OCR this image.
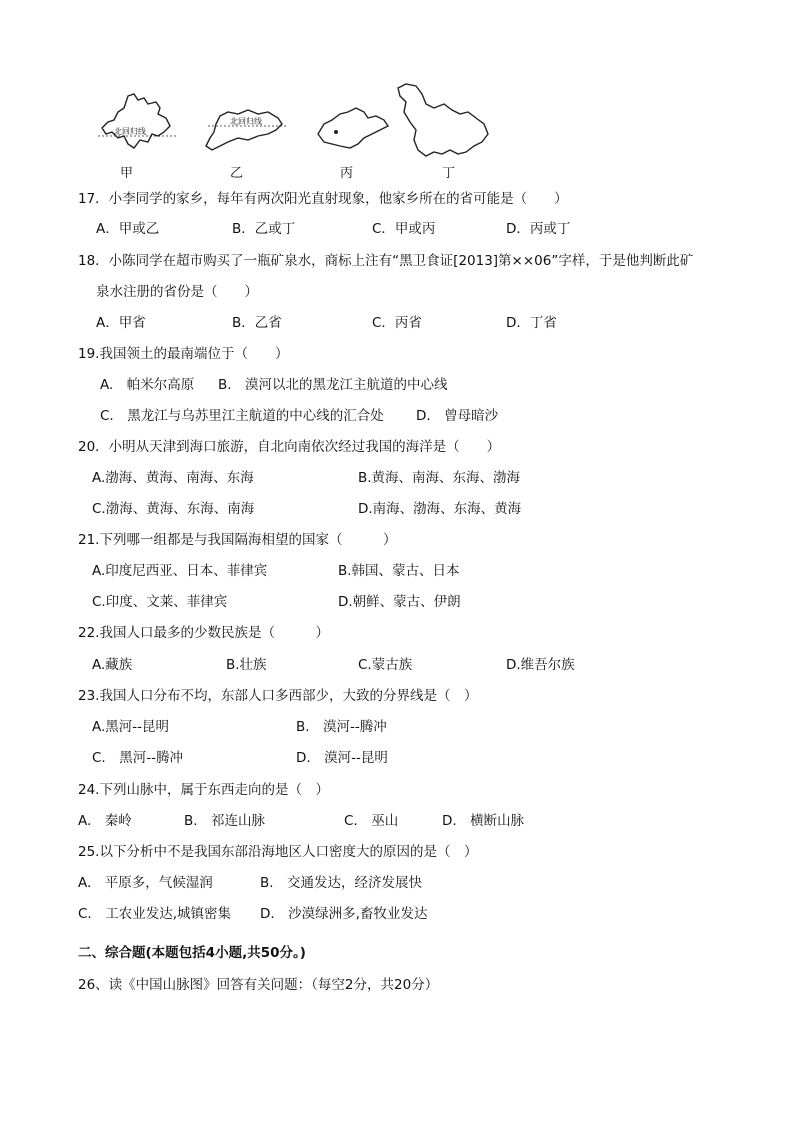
北回归线
甲
北回归线
乙	丙	丁
17．小李同学的家乡，每年有两次阳光直射现象，他家乡所在的省可能是（　　）
A．甲或乙	B．乙或丁	C．甲或丙	D．丙或丁
18．小陈同学在超市购买了一瓶矿泉水，商标上注有“黑卫食证[2013]第××06”字样，于是他判断此矿
泉水注册的省份是（　　）
A．甲省	B．乙省	C．丙省	D．丁省
19.我国领土的最南端位于（　　）
A.　帕米尔高原 B.　漠河以北的黑龙江主航道的中心线
C.　黑龙江与乌苏里江主航道的中心线的汇合处 D.　曾母暗沙
20．小明从天津到海口旅游，自北向南依次经过我国的海洋是（　　）
A.渤海、黄海、南海、东海	B.黄海、南海、东海、渤海
C.渤海、黄海、东海、南海	D.南海、渤海、东海、黄海
21.下列哪一组都是与我国隔海相望的国家（　　　）
A.印度尼西亚、日本、菲律宾	B.韩国、蒙古、日本
C.印度、文莱、菲律宾	D.朝鲜、蒙古、伊朗
22.我国人口最多的少数民族是（　　　）
A.藏族	B.壮族	C.蒙古族	D.维吾尔族
23.我国人口分布不均，东部人口多西部少，大致的分界线是（　）
A.黑河--昆明	B.　漠河--腾冲
C.　黑河--腾冲	D.　漠河--昆明
24.下列山脉中，属于东西走向的是（　）
A.　秦岭	B.　祁连山脉	C.　巫山	D.　横断山脉
25.以下分析中不是我国东部沿海地区人口密度大的原因的是（　）
A.　平原多，气候湿润	B.　交通发达，经济发展快
C.　工农业发达,城镇密集 D.　沙漠绿洲多,畜牧业发达
二、综合题(本题包括4小题,共50分。)
26、读《中国山脉图》回答有关问题：（每空2分，共20分）
